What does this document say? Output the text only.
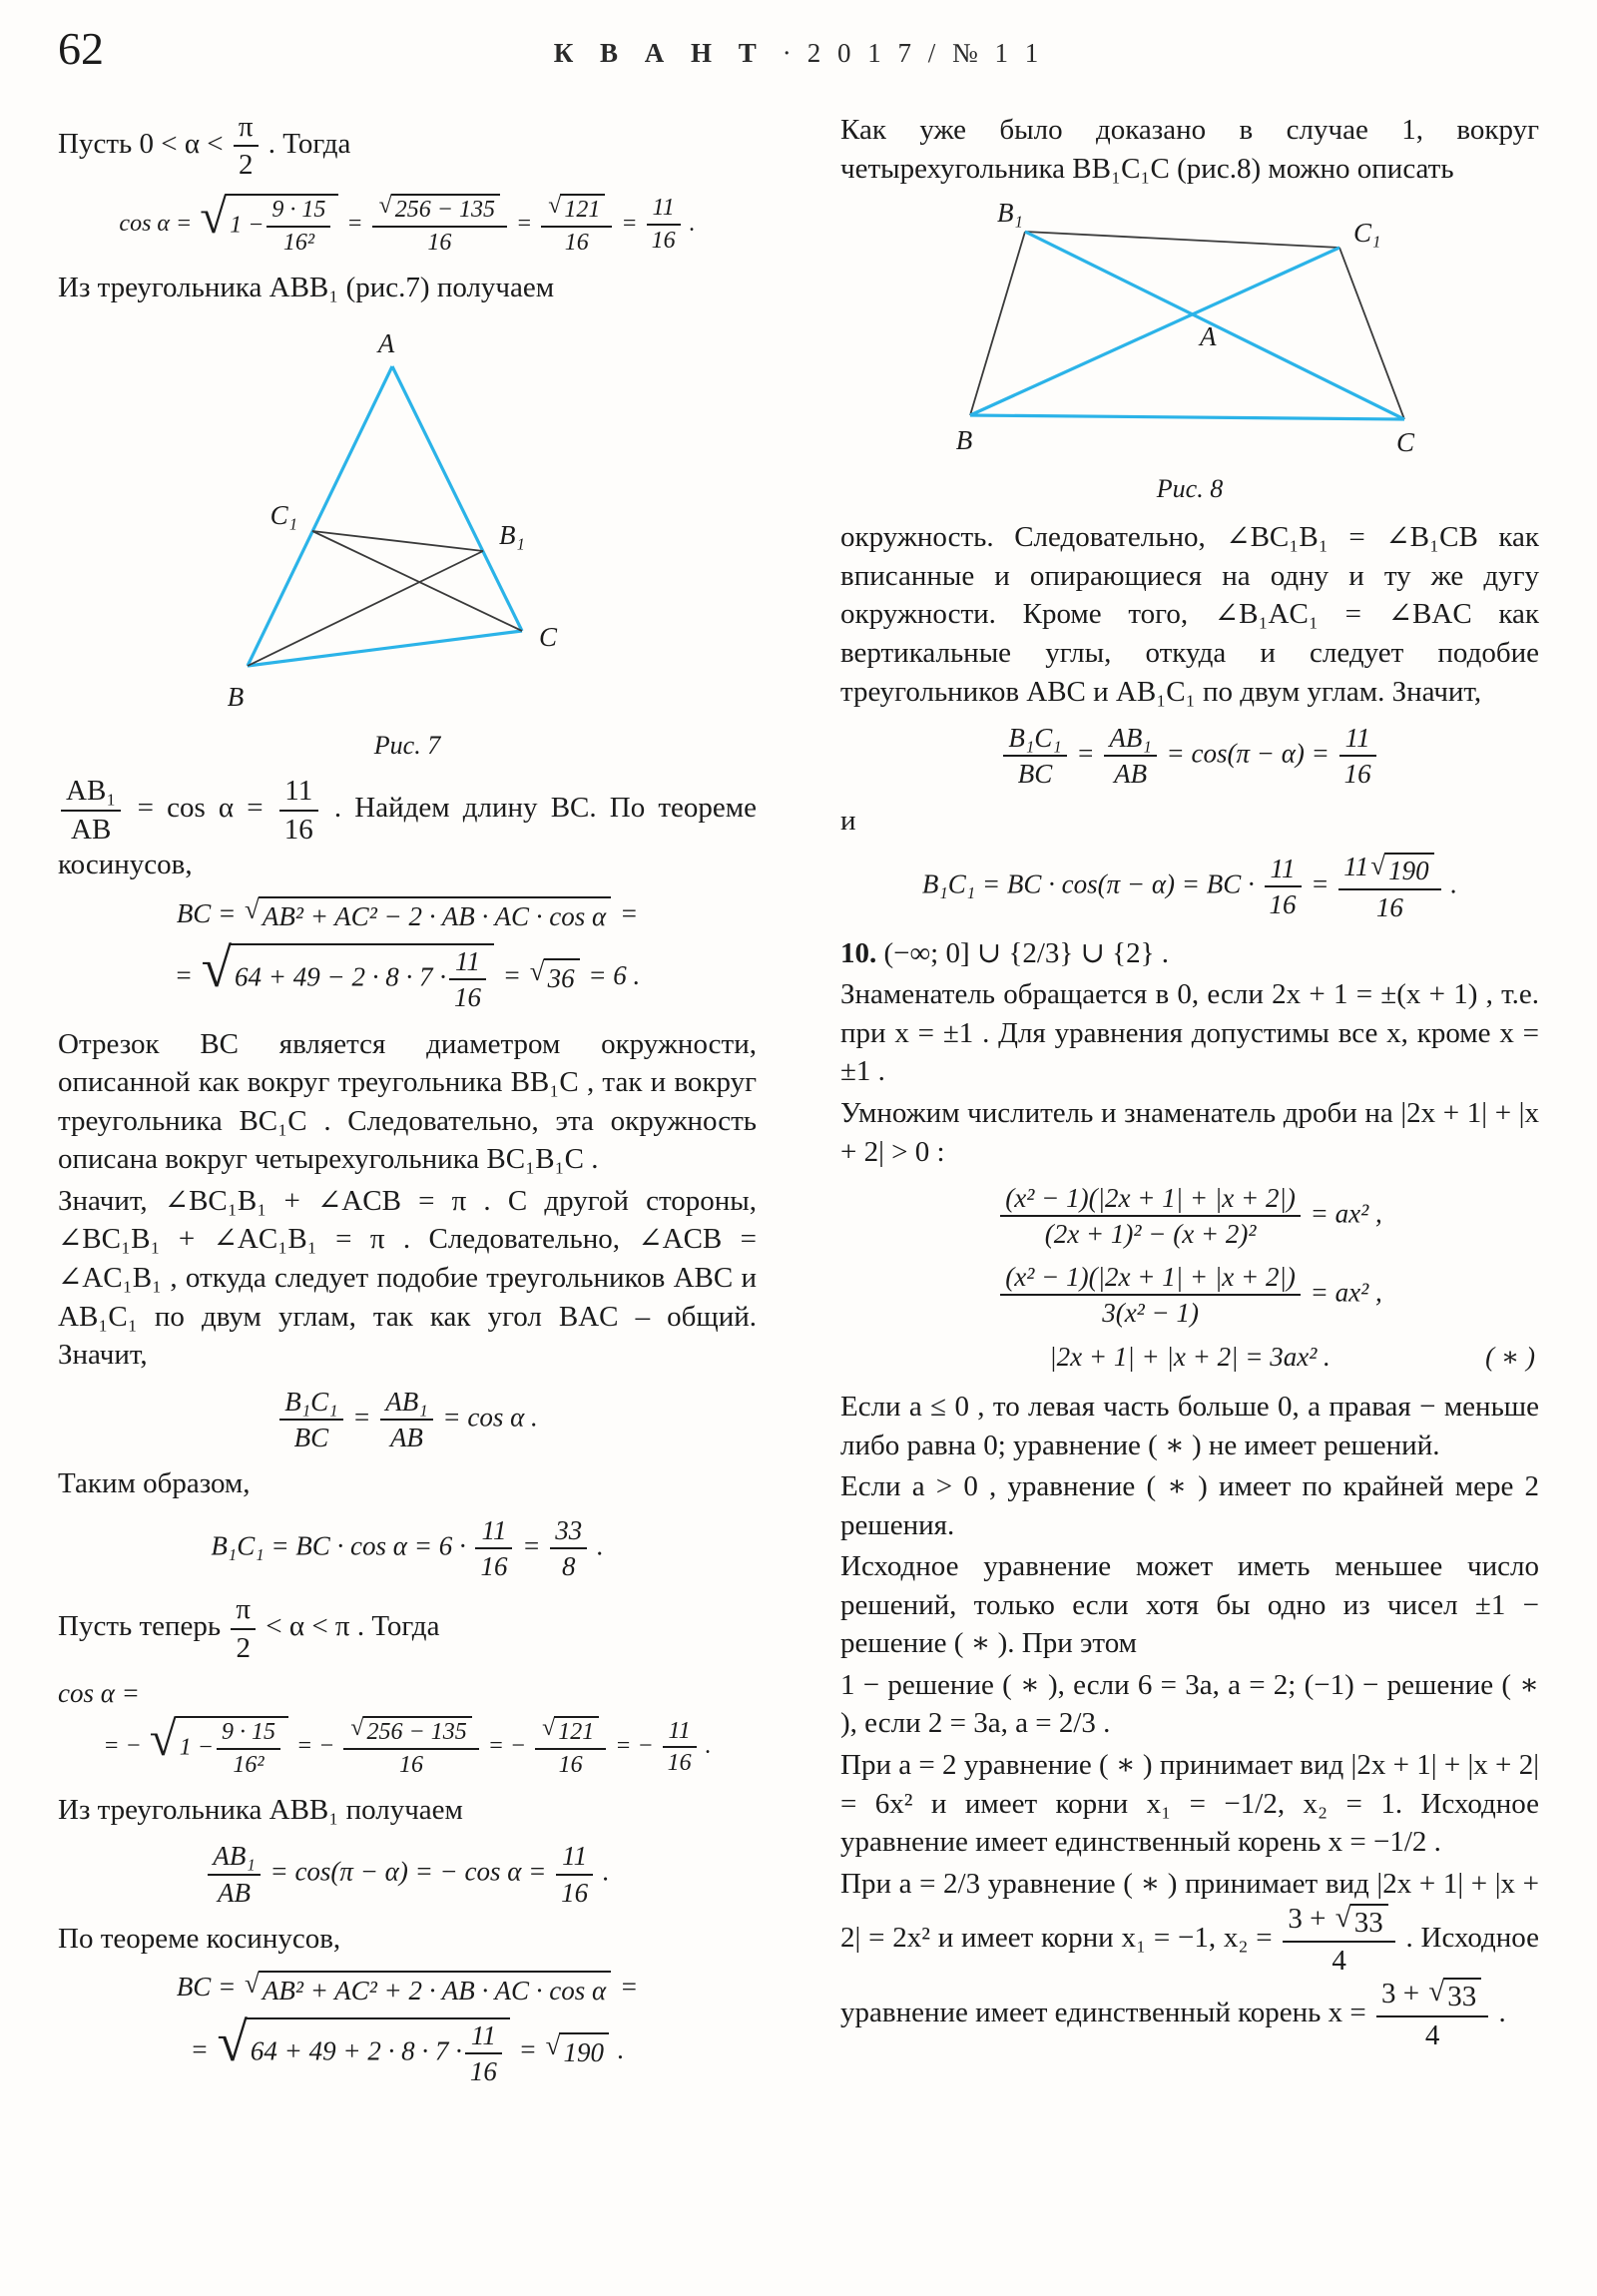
62	К В А Н Т · 2 0 1 7 / № 1 1

Пусть $0 < \alpha < \frac{\pi}{2}$ . Тогда

cos α = √ $1 - \frac{9 \cdot 15}{\text{16²}} = \frac{√ 256 - 135}{16} = \frac{√ 121}{16} = \frac{11}{16}$ .

Из треугольника ABB₁ (рис.7) получаем

A
B
C
C₁
B₁
Рис. 7

$\frac{\text{AB₁}}{AB} = \cos \alpha = \frac{11}{16}$ . Найдем длину BC. По теореме косинусов,

BC = √ AB² + AC² − 2 · AB · AC · cos α =
= √ $64 + 49 - 2 \cdot 8 \cdot 7 \cdot \frac{11}{16}$ = √ 36 = 6 .

Отрезок BC является диаметром окружности, описанной как вокруг треугольника BB₁C , так и вокруг треугольника BC₁C . Следовательно, эта окружность описана вокруг четырехугольника BC₁B₁C .

Значит, ∠BC₁B₁ + ∠ACB = π . С другой стороны, ∠BC₁B₁ + ∠AC₁B₁ = π . Следовательно, ∠ACB = ∠AC₁B₁ , откуда следует подобие треугольников ABC и AB₁C₁ по двум углам, так как угол BAC – общий. Значит,

$\frac{\text{B₁C₁}}{BC} = \frac{\text{AB₁}}{AB} = \cos \alpha$ .

Таким образом,

B₁C₁ = BC · $\cos \alpha = 6 \cdot \frac{11}{16} = \frac{33}{8}$ .

Пусть теперь $\frac{\pi}{2} < \alpha < \pi$ . Тогда

cos α =
= − √ $1 - \frac{9 \cdot 15}{\text{16²}}$ = − $\frac{√ 256 - 135}{16}$ = − $\frac{√ 121}{16}$ = − $\frac{11}{16}$ .

Из треугольника ABB₁ получаем

$\frac{\text{AB₁}}{AB} = \cos(\pi - \alpha)$ = − $\cos \alpha = \frac{11}{16}$ .

По теореме косинусов,

BC = √ AB² + AC² + 2 · AB · AC · cos α =
= √ $64 + 49 + 2 \cdot 8 \cdot 7 \cdot \frac{11}{16}$ = √ 190 .

Как уже было доказано в случае 1, вокруг четырехугольника BB₁C₁C (рис.8) можно описать

B₁
C₁
B	C
A
Рис. 8

окружность. Следовательно, ∠BC₁B₁ = ∠B₁CB как вписанные и опирающиеся на одну и ту же дугу окружности. Кроме того, ∠B₁AC₁ = ∠BAC как вертикальные углы, откуда и следует подобие треугольников ABC и AB₁C₁ по двум углам. Значит,

$\frac{\text{B₁C₁}}{BC} = \frac{\text{AB₁}}{AB} = \cos(\pi - \alpha) = \frac{11}{16}$

и

B₁C₁ = BC · cos(π − α) = BC · $\frac{11}{16} = \frac{11 √ 190}{16}$ .

10. (−∞; 0] ∪ {2/3} ∪ {2} .

Знаменатель обращается в 0, если 2x + 1 = ±(x + 1) , т.е. при x = ±1 . Для уравнения допустимы все x, кроме x = ±1 .

Умножим числитель и знаменатель дроби на |2x + 1| + |x + 2| > 0 :

$\frac{\text{(x² − 1)(|2x + 1| + |x + 2|)}}{\text{(2x + 1)² − (x + 2)²}} = ax^2$ ,
$\frac{\text{(x² − 1)(|2x + 1| + |x + 2|)}}{\text{3(x² − 1)}} = ax^2$ ,
|2x + 1| + |x + 2| = 3ax² .	( ∗ )

Если a ≤ 0 , то левая часть больше 0, а правая − меньше либо равна 0; уравнение ( ∗ ) не имеет решений.

Если a > 0 , уравнение ( ∗ ) имеет по крайней мере 2 решения.

Исходное уравнение может иметь меньшее число решений, только если хотя бы одно из чисел ±1 − решение ( ∗ ). При этом

1 − решение ( ∗ ), если 6 = 3a, a = 2; (−1) − решение ( ∗ ), если 2 = 3a, a = 2/3 .

При a = 2 уравнение ( ∗ ) принимает вид |2x + 1| + |x + 2| = 6x² и имеет корни x₁ = −1/2, x₂ = 1. Исходное уравнение имеет единственный корень x = −1/2 .

При a = 2/3 уравнение ( ∗ ) принимает вид |2x + 1| + |x + 2| = 2x² и имеет корни x₁ = −1, $x_2 = \frac{3 + √ 33}{4}$ . Исходное уравнение имеет единственный корень $x = \frac{3 + √ 33}{4}$ .
